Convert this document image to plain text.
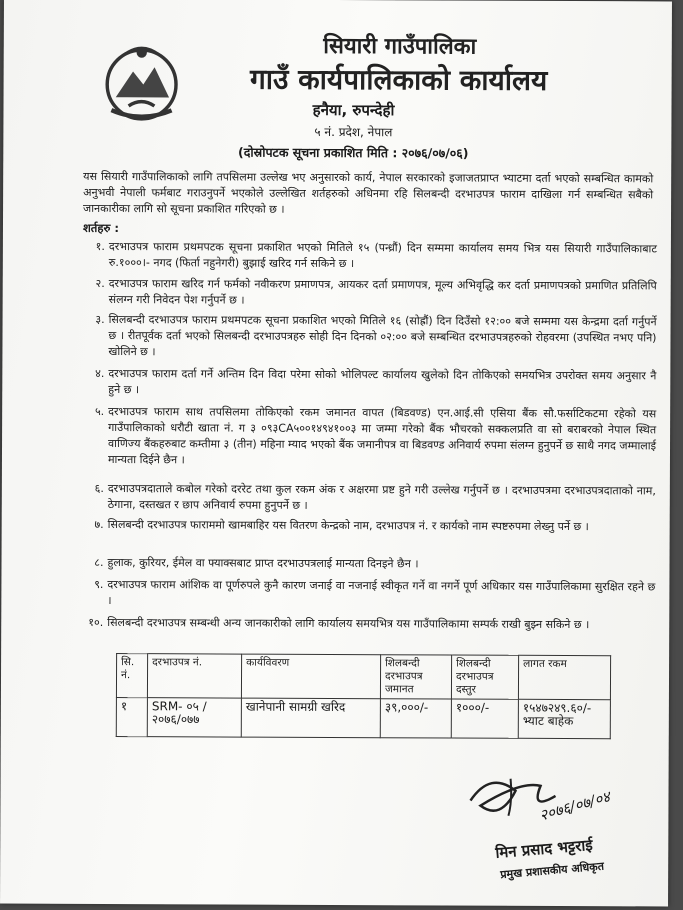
सियारी गाउँपालिका
गाउँ कार्यपालिकाको कार्यालय
हनैया, रुपन्देही
५ नं. प्रदेश, नेपाल
(दोस्रोपटक सूचना प्रकाशित मिति : २०७६/०७/०६)
यस सियारी गाउँपालिकाको लागि तपसिलमा उल्लेख भए अनुसारको कार्य, नेपाल सरकारको इजाजतप्राप्त भ्याटमा दर्ता भएको सम्बन्धित कामको अनुभवी नेपाली फर्मबाट गराउनुपर्ने भएकोले उल्लेखित शर्तहरुको अधिनमा रहि सिलबन्दी दरभाउपत्र फाराम दाखिला गर्न सम्बन्धित सबैको जानकारीका लागि सो सूचना प्रकाशित गरिएको छ ।
शर्तहरु :
१. दरभाउपत्र फाराम प्रथमपटक सूचना प्रकाशित भएको मितिले १५ (पन्ध्रौं) दिन सम्ममा कार्यालय समय भित्र यस सियारी गाउँपालिकाबाट रु.१०००।- नगद (फिर्ता नहुनेगरी) बुझाई खरिद गर्न सकिने छ ।
२. दरभाउपत्र फाराम खरिद गर्न फर्मको नवीकरण प्रमाणपत्र, आयकर दर्ता प्रमाणपत्र, मूल्य अभिवृद्धि कर दर्ता प्रमाणपत्रको प्रमाणित प्रतिलिपि संलग्न गरी निवेदन पेश गर्नुपर्ने छ ।
३. सिलबन्दी दरभाउपत्र फाराम प्रथमपटक सूचना प्रकाशित भएको मितिले १६ (सोह्रौं) दिन दिउँसो १२:०० बजे सम्ममा यस केन्द्रमा दर्ता गर्नुपर्ने छ । रीतपूर्वक दर्ता भएको सिलबन्दी दरभाउपत्रहरु सोही दिन दिनको ०२:०० बजे सम्बन्धित दरभाउपत्रहरुको रोहवरमा (उपस्थित नभए पनि) खोलिने छ ।
४. दरभाउपत्र फाराम दर्ता गर्ने अन्तिम दिन विदा परेमा सोको भोलिपल्ट कार्यालय खुलेको दिन तोकिएको समयभित्र उपरोक्त समय अनुसार नै हुने छ ।
५. दरभाउपत्र फाराम साथ तपसिलमा तोकिएको रकम जमानत वापत (बिडवण्ड) एन.आई.सी एसिया बैंक सौ.फर्साटिकटमा रहेको यस गाउँपालिकाको धरौटी खाता नं. ग ३ ०९३CA५००१४९४१००३ मा जम्मा गरेको बैंक भौचरको सक्कलप्रति वा सो बराबरको नेपाल स्थित वाणिज्य बैंकहरुबाट कम्तीमा ३ (तीन) महिना म्याद भएको बैंक जमानीपत्र वा बिडवण्ड अनिवार्य रुपमा संलग्न हुनुपर्ने छ साथै नगद जम्मालाई मान्यता दिईने छैन ।
६. दरभाउपत्रदाताले कबोल गरेको दररेट तथा कुल रकम अंक र अक्षरमा प्रष्ट हुने गरी उल्लेख गर्नुपर्ने छ । दरभाउपत्रमा दरभाउपत्रदाताको नाम, ठेगाना, दस्तखत र छाप अनिवार्य रुपमा हुनुपर्ने छ ।
७. सिलबन्दी दरभाउपत्र फाराममो खामबाहिर यस वितरण केन्द्रको नाम, दरभाउपत्र नं. र कार्यको नाम स्पष्टरुपमा लेख्नु पर्ने छ ।
८. हुलाक, कुरियर, ईमेल वा फ्याक्सबाट प्राप्त दरभाउपत्रलाई मान्यता दिनइने छैन ।
९. दरभाउपत्र फाराम आंशिक वा पूर्णरुपले कुनै कारण जनाई वा नजनाई स्वीकृत गर्ने वा नगर्ने पूर्ण अधिकार यस गाउँपालिकामा सुरक्षित रहने छ ।
१०. सिलबन्दी दरभाउपत्र सम्बन्धी अन्य जानकारीको लागि कार्यालय समयभित्र यस गाउँपालिकामा सम्पर्क राखी बुझ्न सकिने छ ।
सि. नं.	दरभाउपत्र नं.	कार्यविवरण	शिलबन्दी दरभाउपत्र जमानत	शिलबन्दी दरभाउपत्र दस्तुर	लागत रकम
१	SRM- ०५ /२०७६/०७७	खानेपानी सामग्री खरिद	३९,०००/-	१०००/-	१५४७२४९.६०/- भ्याट बाहेक
२०७६/०७/०४
मिन प्रसाद भट्टराई
प्रमुख प्रशासकीय अधिकृत
